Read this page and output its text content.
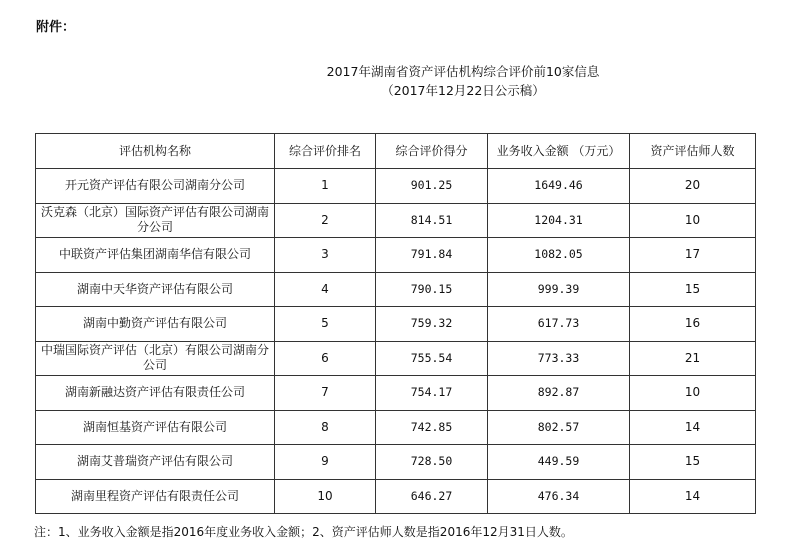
附件：
2017年湖南省资产评估机构综合评价前10家信息
（2017年12月22日公示稿）
评估机构名称	综合评价排名	综合评价得分	业务收入金额 （万元）	资产评估师人数
开元资产评估有限公司湖南分公司	1	901.25	1649.46	20
沃克森（北京）国际资产评估有限公司湖南分公司	2	814.51	1204.31	10
中联资产评估集团湖南华信有限公司	3	791.84	1082.05	17
湖南中天华资产评估有限公司	4	790.15	999.39	15
湖南中勤资产评估有限公司	5	759.32	617.73	16
中瑞国际资产评估（北京）有限公司湖南分公司	6	755.54	773.33	21
湖南新融达资产评估有限责任公司	7	754.17	892.87	10
湖南恒基资产评估有限公司	8	742.85	802.57	14
湖南艾普瑞资产评估有限公司	9	728.50	449.59	15
湖南里程资产评估有限责任公司	10	646.27	476.34	14
注：1、业务收入金额是指2016年度业务收入金额；2、资产评估师人数是指2016年12月31日人数。
